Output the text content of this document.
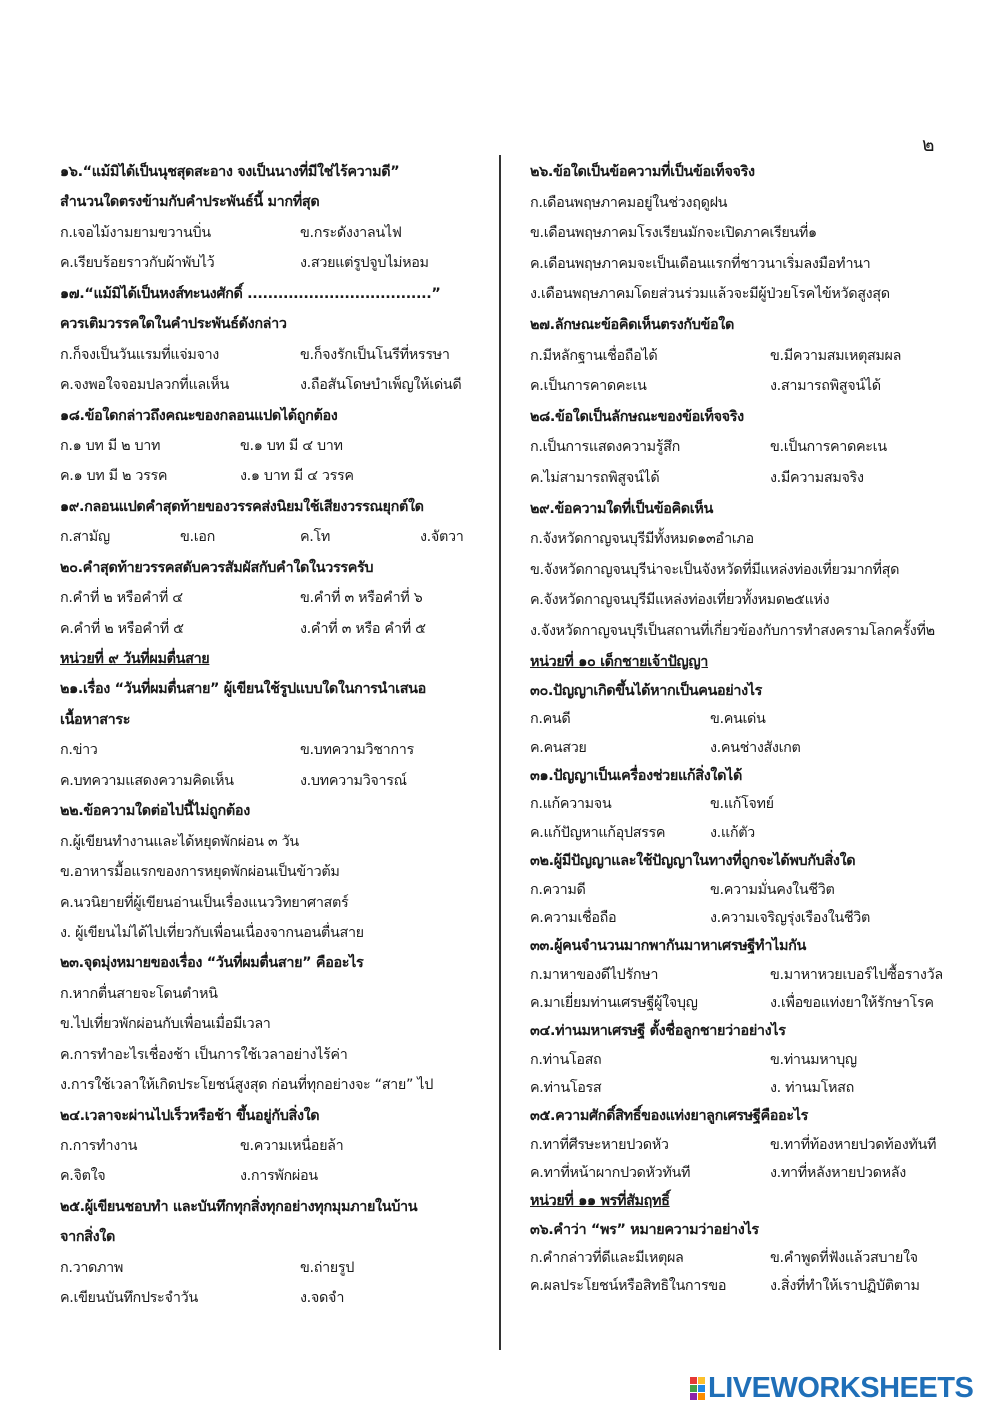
๒
๑๖.“แม้มิได้เป็นนุชสุดสะอาง จงเป็นนางที่มีใช่ไร้ความดี”
สำนวนใดตรงข้ามกับคำประพันธ์นี้ มากที่สุด
ก.เจอไม้งามยามขวานบิ่น	ข.กระดังงาลนไฟ
ค.เรียบร้อยราวกับผ้าพับไว้	ง.สวยแต่รูปจูบไม่หอม
๑๗.“แม้มิได้เป็นหงส์ทะนงศักดิ์ ....................................”
ควรเติมวรรคใดในคำประพันธ์ดังกล่าว
ก.ก็จงเป็นวันแรมที่แจ่มจาง	ข.ก็จงรักเป็นโนรีที่หรรษา
ค.จงพอใจจอมปลวกที่แลเห็น	ง.ถือสันโดษบำเพ็ญให้เด่นดี
๑๘.ข้อใดกล่าวถึงคณะของกลอนแปดได้ถูกต้อง
ก.๑ บท มี ๒ บาท	ข.๑ บท มี ๔ บาท
ค.๑ บท มี ๒ วรรค	ง.๑ บาท มี ๔ วรรค
๑๙.กลอนแปดคำสุดท้ายของวรรคส่งนิยมใช้เสียงวรรณยุกต์ใด
ก.สามัญ	ข.เอก	ค.โท	ง.จัตวา
๒๐.คำสุดท้ายวรรคสดับควรสัมผัสกับคำใดในวรรครับ
ก.คำที่ ๒ หรือคำที่ ๔	ข.คำที่ ๓ หรือคำที่ ๖
ค.คำที่ ๒ หรือคำที่ ๕	ง.คำที่ ๓ หรือ คำที่ ๕
หน่วยที่ ๙ วันที่ผมตื่นสาย
๒๑.เรื่อง “วันที่ผมตื่นสาย” ผู้เขียนใช้รูปแบบใดในการนำเสนอ
เนื้อหาสาระ
ก.ข่าว	ข.บทความวิชาการ
ค.บทความแสดงความคิดเห็น	ง.บทความวิจารณ์
๒๒.ข้อความใดต่อไปนี้ไม่ถูกต้อง
ก.ผู้เขียนทำงานและได้หยุดพักผ่อน ๓ วัน
ข.อาหารมื้อแรกของการหยุดพักผ่อนเป็นข้าวต้ม
ค.นวนิยายที่ผู้เขียนอ่านเป็นเรื่องแนววิทยาศาสตร์
ง. ผู้เขียนไม่ได้ไปเที่ยวกับเพื่อนเนื่องจากนอนตื่นสาย
๒๓.จุดมุ่งหมายของเรื่อง “วันที่ผมตื่นสาย” คืออะไร
ก.หากตื่นสายจะโดนตำหนิ
ข.ไปเที่ยวพักผ่อนกับเพื่อนเมื่อมีเวลา
ค.การทำอะไรเชื่องช้า เป็นการใช้เวลาอย่างไร้ค่า
ง.การใช้เวลาให้เกิดประโยชน์สูงสุด ก่อนที่ทุกอย่างจะ “สาย” ไป
๒๔.เวลาจะผ่านไปเร็วหรือช้า ขึ้นอยู่กับสิ่งใด
ก.การทำงาน	ข.ความเหนื่อยล้า
ค.จิตใจ	ง.การพักผ่อน
๒๕.ผู้เขียนชอบทำ และบันทึกทุกสิ่งทุกอย่างทุกมุมภายในบ้าน
จากสิ่งใด
ก.วาดภาพ	ข.ถ่ายรูป
ค.เขียนบันทึกประจำวัน	ง.จดจำ
๒๖.ข้อใดเป็นข้อความที่เป็นข้อเท็จจริง
ก.เดือนพฤษภาคมอยู่ในช่วงฤดูฝน
ข.เดือนพฤษภาคมโรงเรียนมักจะเปิดภาคเรียนที่๑
ค.เดือนพฤษภาคมจะเป็นเดือนแรกที่ชาวนาเริ่มลงมือทำนา
ง.เดือนพฤษภาคมโดยส่วนร่วมแล้วจะมีผู้ป่วยโรคไข้หวัดสูงสุด
๒๗.ลักษณะข้อคิดเห็นตรงกับข้อใด
ก.มีหลักฐานเชื่อถือได้	ข.มีความสมเหตุสมผล
ค.เป็นการคาดคะเน	ง.สามารถพิสูจน์ได้
๒๘.ข้อใดเป็นลักษณะของข้อเท็จจริง
ก.เป็นการแสดงความรู้สึก	ข.เป็นการคาดคะเน
ค.ไม่สามารถพิสูจน์ได้	ง.มีความสมจริง
๒๙.ข้อความใดที่เป็นข้อคิดเห็น
ก.จังหวัดกาญจนบุรีมีทั้งหมด๑๓อำเภอ
ข.จังหวัดกาญจนบุรีน่าจะเป็นจังหวัดที่มีแหล่งท่องเที่ยวมากที่สุด
ค.จังหวัดกาญจนบุรีมีแหล่งท่องเที่ยวทั้งหมด๒๕แห่ง
ง.จังหวัดกาญจนบุรีเป็นสถานที่เกี่ยวข้องกับการทำสงครามโลกครั้งที่๒
หน่วยที่ ๑๐ เด็กชายเจ้าปัญญา
๓๐.ปัญญาเกิดขึ้นได้หากเป็นคนอย่างไร
ก.คนดี	ข.คนเด่น
ค.คนสวย	ง.คนช่างสังเกต
๓๑.ปัญญาเป็นเครื่องช่วยแก้สิ่งใดได้
ก.แก้ความจน	ข.แก้โจทย์
ค.แก้ปัญหาแก้อุปสรรค	ง.แก้ตัว
๓๒.ผู้มีปัญญาและใช้ปัญญาในทางที่ถูกจะได้พบกับสิ่งใด
ก.ความดี	ข.ความมั่นคงในชีวิต
ค.ความเชื่อถือ	ง.ความเจริญรุ่งเรืองในชีวิต
๓๓.ผู้คนจำนวนมากพากันมาหาเศรษฐีทำไมกัน
ก.มาหาของดีไปรักษา	ข.มาหาหวยเบอร์ไปซื้อรางวัล
ค.มาเยี่ยมท่านเศรษฐีผู้ใจบุญ	ง.เพื่อขอแท่งยาให้รักษาโรค
๓๔.ท่านมหาเศรษฐี ตั้งชื่อลูกชายว่าอย่างไร
ก.ท่านโอสถ	ข.ท่านมหาบุญ
ค.ท่านโอรส	ง. ท่านมโหสถ
๓๕.ความศักดิ์สิทธิ์ของแท่งยาลูกเศรษฐีคืออะไร
ก.ทาที่ศีรษะหายปวดหัว	ข.ทาที่ท้องหายปวดท้องทันที
ค.ทาที่หน้าผากปวดหัวทันที	ง.ทาที่หลังหายปวดหลัง
หน่วยที่ ๑๑ พรที่สัมฤทธิ์
๓๖.คำว่า “พร” หมายความว่าอย่างไร
ก.คำกล่าวที่ดีและมีเหตุผล	ข.คำพูดที่ฟังแล้วสบายใจ
ค.ผลประโยชน์หรือสิทธิในการขอ	ง.สิ่งที่ทำให้เราปฏิบัติตาม
LIVEWORKSHEETS
